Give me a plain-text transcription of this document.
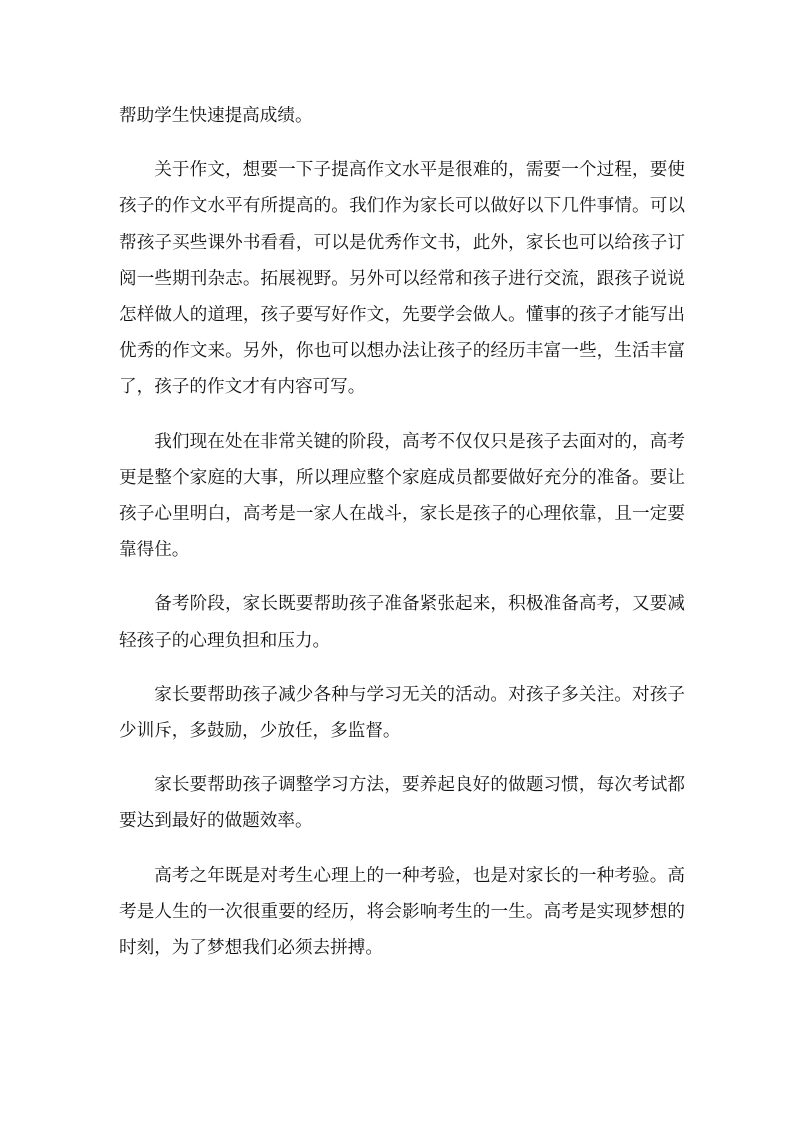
帮助学生快速提高成绩。

关于作文，想要一下子提高作文水平是很难的，需要一个过程，要使孩子的作文水平有所提高的。我们作为家长可以做好以下几件事情。可以帮孩子买些课外书看看，可以是优秀作文书，此外，家长也可以给孩子订阅一些期刊杂志。拓展视野。另外可以经常和孩子进行交流，跟孩子说说怎样做人的道理，孩子要写好作文，先要学会做人。懂事的孩子才能写出优秀的作文来。另外，你也可以想办法让孩子的经历丰富一些，生活丰富了，孩子的作文才有内容可写。

我们现在处在非常关键的阶段，高考不仅仅只是孩子去面对的，高考更是整个家庭的大事，所以理应整个家庭成员都要做好充分的准备。要让孩子心里明白，高考是一家人在战斗，家长是孩子的心理依靠，且一定要靠得住。

备考阶段，家长既要帮助孩子准备紧张起来，积极准备高考，又要减轻孩子的心理负担和压力。

家长要帮助孩子减少各种与学习无关的活动。对孩子多关注。对孩子少训斥，多鼓励，少放任，多监督。

家长要帮助孩子调整学习方法，要养起良好的做题习惯，每次考试都要达到最好的做题效率。

高考之年既是对考生心理上的一种考验，也是对家长的一种考验。高考是人生的一次很重要的经历，将会影响考生的一生。高考是实现梦想的时刻，为了梦想我们必须去拼搏。
